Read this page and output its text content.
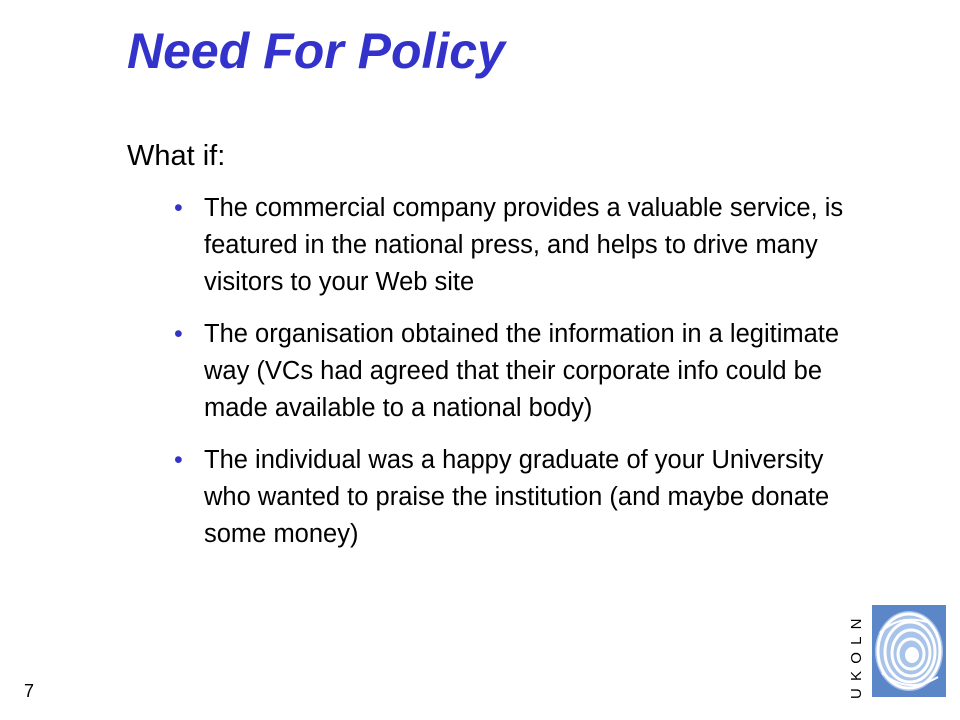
Need For Policy

What if:

• The commercial company provides a valuable service, is featured in the national press, and helps to drive many visitors to your Web site
• The organisation obtained the information in a legitimate way (VCs had agreed that their corporate info could be made available to a national body)
• The individual was a happy graduate of your University who wanted to praise the institution (and maybe donate some money)
7	UKOLN
